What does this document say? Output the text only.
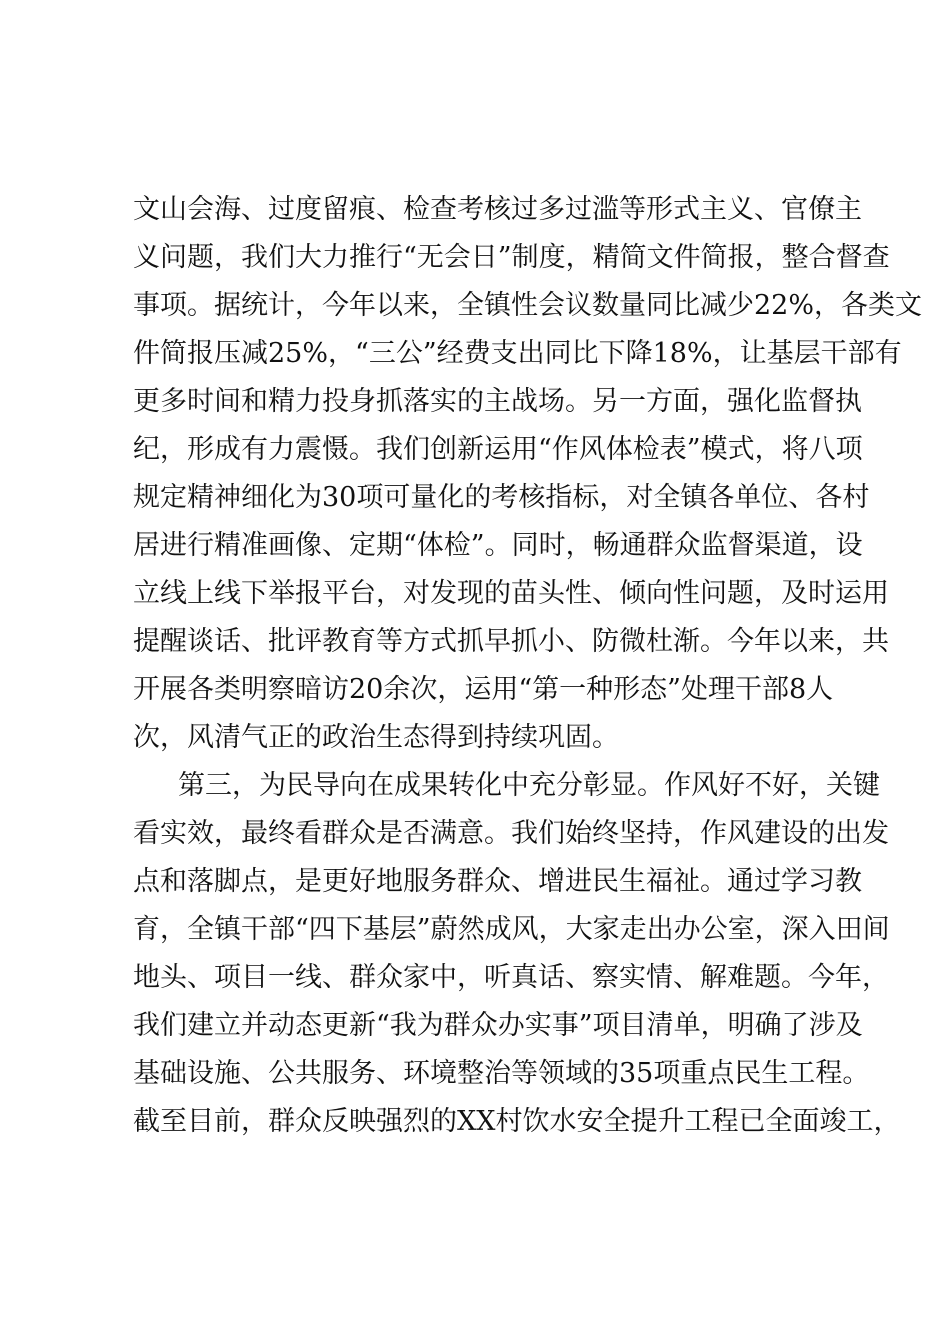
文山会海、过度留痕、检查考核过多过滥等形式主义、官僚主
义问题，我们大力推行“无会日”制度，精简文件简报，整合督查
事项。据统计，今年以来，全镇性会议数量同比减少22%，各类文
件简报压减25%，“三公”经费支出同比下降18%，让基层干部有
更多时间和精力投身抓落实的主战场。另一方面，强化监督执
纪，形成有力震慑。我们创新运用“作风体检表”模式，将八项
规定精神细化为30项可量化的考核指标，对全镇各单位、各村
居进行精准画像、定期“体检”。同时，畅通群众监督渠道，设
立线上线下举报平台，对发现的苗头性、倾向性问题，及时运用
提醒谈话、批评教育等方式抓早抓小、防微杜渐。今年以来，共
开展各类明察暗访20余次，运用“第一种形态”处理干部8人
次，风清气正的政治生态得到持续巩固。
第三，为民导向在成果转化中充分彰显。作风好不好，关键
看实效，最终看群众是否满意。我们始终坚持，作风建设的出发
点和落脚点，是更好地服务群众、增进民生福祉。通过学习教
育，全镇干部“四下基层”蔚然成风，大家走出办公室，深入田间
地头、项目一线、群众家中，听真话、察实情、解难题。今年，
我们建立并动态更新“我为群众办实事”项目清单，明确了涉及
基础设施、公共服务、环境整治等领域的35项重点民生工程。
截至目前，群众反映强烈的XX村饮水安全提升工程已全面竣工，
